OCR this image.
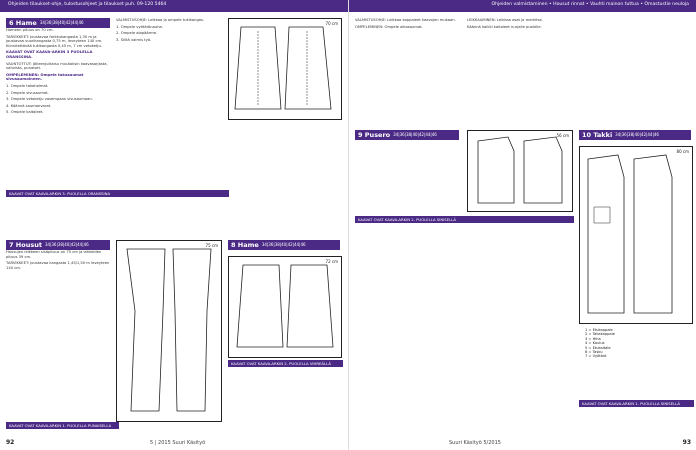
Ohjeiden tilaukset-ohje, tulostusohjeet ja tilaukset puh. 09-120 5464
6
Hame 34|36|38|40|42|44|46

Hameen pituus on 70 cm.

TARVIKKEET: Joustavaa farkkukangasta 1,30 m ja joustavaa vuorikangasta 0,75 m, leveyteen 140 cm. Kiinnitettävää tukikangasta 0,45 m, 7 cm vetoketju.

KAAVAT OVAT KAAVA-ARKIN 3 PUOLELLA ORANSSINA.

VAUNTOTTUT: Jälleenjulkaisu muutoksin kaavasarjasta, vahvista, punaiset.

OMPELEMINEN: Ompele takasaumat sivusaumoineen.

1. Ompele takahelmat.

2. Ompele sivusaumat.

3. Ompele vetoketju vasempaan sivusaumaan.

4. Käännä saumanvarat.

5. Ompele kaitaleet.

VALMISTUSOHJE: Leikkaa ja ompele tukikangas.

1. Ompele vyötärönauha.

2. Ompele alapäärme.

3. Silitä valmis työ.

70 cm
KAAVAT OVAT KAAVA-ARKIN 3. PUOLELLA ORANSSINA
7
Housut 34|36|38|40|42|44|46

Housujen leikkeen sisäpituus on 75 cm ja lahkeiden pituus 39 cm.

TARVIKKEET: Joustavaa kangasta 1,45/1,50 m leveyteen 140 cm.

75 cm
KAAVAT OVAT KAAVA-ARKIN 1. PUOLELLA PUNAISELLA
8
Hame 34|36|38|40|42|44|46
72 cm
KAAVAT OVAT KAAVA-ARKIN 2. PUOLELLA VIHREÄLLÄ
92	5 | 2015 Suuri Käsityö
Ohjeiden valmistaminen • Housut rinnat • Vauhti mainon tuttua • Omastustie neuloja

VALMISTUSOHJE: Leikkaa kappaleet kaavojen mukaan.

OMPELEMINEN: Ompele olkasaumat.

LEIKKAAMINEN: Leikkaa osat ja merkitse.

Käännä kaikki kaitaleet nurjalle puolelle.

9
Pusero 34|36|38|40|42|44|46	56 cm
KAAVAT OVAT KAAVA-ARKIN 2. PUOLELLA SINISELLÄ
10
Takki 34|36|38|40|42|44|46
80 cm
1 = Etukappale
2 = Takakappale
3 = Hiha
4 = Kaulus
5 = Etukaitale
6 = Tasku
7 = Vyötärö
KAAVAT OVAT KAAVA-ARKIN 1. PUOLELLA SINISELLÄ
Suuri Käsityö 5/2015	93
